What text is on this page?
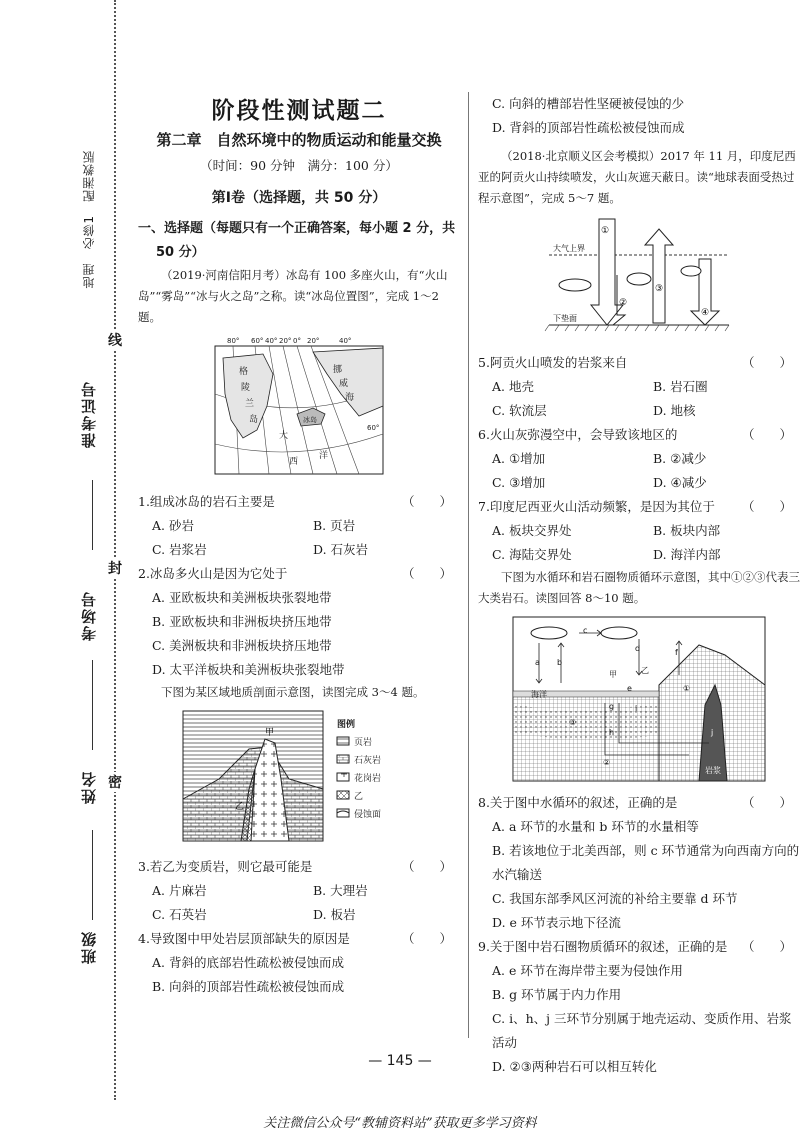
地理　必修1　配湘教版
准考证号
考场号
姓名
班级
线
封
密
阶段性测试题二
第二章　自然环境中的物质运动和能量交换
（时间：90 分钟　满分：100 分）
第Ⅰ卷（选择题，共 50 分）
一、选择题（每题只有一个正确答案，每小题 2 分，共
50 分）
（2019·河南信阳月考）冰岛有 100 多座火山，有“火山岛”“雾岛”“冰与火之岛”之称。读“冰岛位置图”，完成 1～2 题。
80° 60° 40° 20° 0° 20°	40°
60°
格
陵
兰
岛
挪
威
海
冰岛
大
西
洋
1.组成冰岛的岩石主要是	（　　）
A. 砂岩	B. 页岩
C. 岩浆岩	D. 石灰岩
2.冰岛多火山是因为它处于	（　　）
A. 亚欧板块和美洲板块张裂地带
B. 亚欧板块和非洲板块挤压地带
C. 美洲板块和非洲板块挤压地带
D. 太平洋板块和美洲板块张裂地带
下图为某区域地质剖面示意图，读图完成 3～4 题。
甲
乙
图例
页岩
石灰岩
花岗岩
乙
侵蚀面
3.若乙为变质岩，则它最可能是	（　　）
A. 片麻岩	B. 大理岩
C. 石英岩	D. 板岩
4.导致图中甲处岩层顶部缺失的原因是	（　　）
A. 背斜的底部岩性疏松被侵蚀而成
B. 向斜的顶部岩性疏松被侵蚀而成
C. 向斜的槽部岩性坚硬被侵蚀的少
D. 背斜的顶部岩性疏松被侵蚀而成
（2018·北京顺义区会考模拟）2017 年 11 月，印度尼西亚的阿贡火山持续喷发，火山灰遮天蔽日。读“地球表面受热过程示意图”，完成 5～7 题。
大气上界
下垫面
①
②
③
④
5.阿贡火山喷发的岩浆来自	（　　）
A. 地壳	B. 岩石圈
C. 软流层	D. 地核
6.火山灰弥漫空中，会导致该地区的	（　　）
A. ①增加	B. ②减少
C. ③增加	D. ④减少
7.印度尼西亚火山活动频繁，是因为其位于 （　　）
A. 板块交界处	B. 板块内部
C. 海陆交界处	D. 海洋内部
下图为水循环和岩石圈物质循环示意图，其中①②③代表三大类岩石。读图回答 8～10 题。
海洋
岩浆
甲	乙
a b
c
d
e
f
g
h
i
j
①
②
③
8.关于图中水循环的叙述，正确的是	（　　）
A. a 环节的水量和 b 环节的水量相等
B. 若该地位于北美西部，则 c 环节通常为向西南方向的水汽输送
C. 我国东部季风区河流的补给主要靠 d 环节
D. e 环节表示地下径流
9.关于图中岩石圈物质循环的叙述，正确的是 （　　）
A. e 环节在海岸带主要为侵蚀作用
B. g 环节属于内力作用
C. i、h、j 三环节分别属于地壳运动、变质作用、岩浆活动
D. ②③两种岩石可以相互转化
— 145 —
关注微信公众号“教辅资料站”获取更多学习资料
